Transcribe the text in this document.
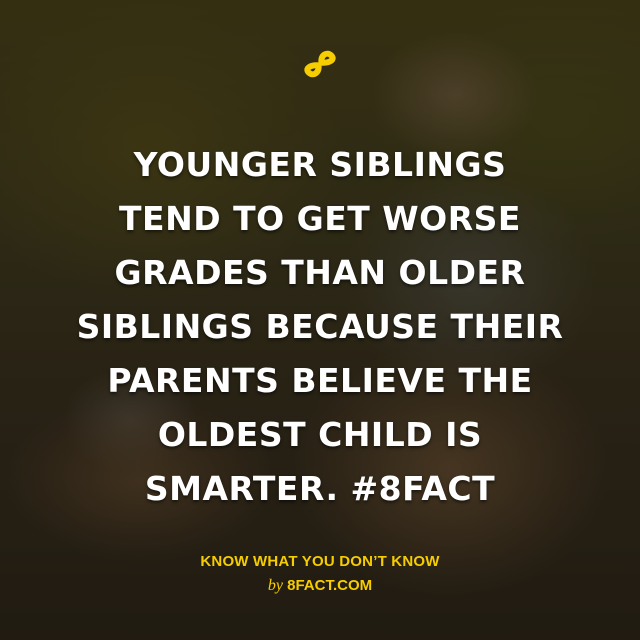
YOUNGER SIBLINGS
TEND TO GET WORSE
GRADES THAN OLDER
SIBLINGS BECAUSE THEIR
PARENTS BELIEVE THE
OLDEST CHILD IS
SMARTER. #8FACT
KNOW WHAT YOU DON’T KNOW
by 8FACT.COM
